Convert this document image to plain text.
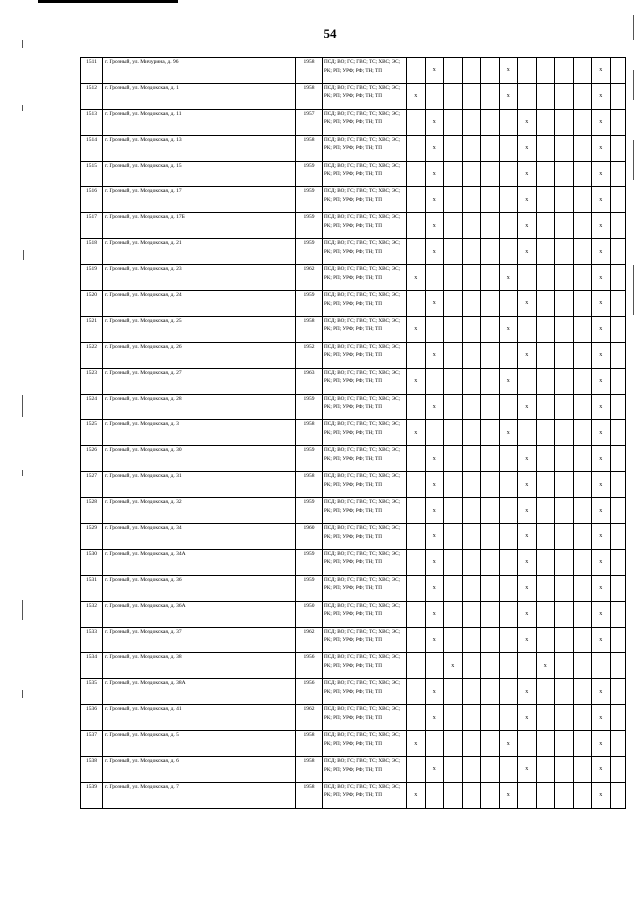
54
1511	г. Грозный, ул. Мичурина, д. 96	1958	ПСД; ВО; ГС; ГВС; ТС; ХВС; ЭС; РК; РП; УРФ; РФ; ТН; ТП		x				x					x	
1512	г. Грозный, ул. Моздокская, д. 1	1958	ПСД; ВО; ГС; ГВС; ТС; ХВС; ЭС; РК; РП; УРФ; РФ; ТН; ТП	x					x					x	
1513	г. Грозный, ул. Моздокская, д. 11	1957	ПСД; ВО; ГС; ГВС; ТС; ХВС; ЭС; РК; РП; УРФ; РФ; ТН; ТП		x					x				x	
1514	г. Грозный, ул. Моздокская, д. 13	1958	ПСД; ВО; ГС; ГВС; ТС; ХВС; ЭС; РК; РП; УРФ; РФ; ТН; ТП		x					x				x	
1515	г. Грозный, ул. Моздокская, д. 15	1959	ПСД; ВО; ГС; ГВС; ТС; ХВС; ЭС; РК; РП; УРФ; РФ; ТН; ТП		x					x				x	
1516	г. Грозный, ул. Моздокская, д. 17	1959	ПСД; ВО; ГС; ГВС; ТС; ХВС; ЭС; РК; РП; УРФ; РФ; ТН; ТП		x					x				x	
1517	г. Грозный, ул. Моздокская, д. 17Б	1959	ПСД; ВО; ГС; ГВС; ТС; ХВС; ЭС; РК; РП; УРФ; РФ; ТН; ТП		x					x				x	
1518	г. Грозный, ул. Моздокская, д. 21	1959	ПСД; ВО; ГС; ГВС; ТС; ХВС; ЭС; РК; РП; УРФ; РФ; ТН; ТП		x					x				x	
1519	г. Грозный, ул. Моздокская, д. 23	1962	ПСД; ВО; ГС; ГВС; ТС; ХВС; ЭС; РК; РП; УРФ; РФ; ТН; ТП	x					x					x	
1520	г. Грозный, ул. Моздокская, д. 24	1959	ПСД; ВО; ГС; ГВС; ТС; ХВС; ЭС; РК; РП; УРФ; РФ; ТН; ТП		x					x				x	
1521	г. Грозный, ул. Моздокская, д. 25	1958	ПСД; ВО; ГС; ГВС; ТС; ХВС; ЭС; РК; РП; УРФ; РФ; ТН; ТП	x					x					x	
1522	г. Грозный, ул. Моздокская, д. 26	1952	ПСД; ВО; ГС; ГВС; ТС; ХВС; ЭС; РК; РП; УРФ; РФ; ТН; ТП		x					x				x	
1523	г. Грозный, ул. Моздокская, д. 27	1963	ПСД; ВО; ГС; ГВС; ТС; ХВС; ЭС; РК; РП; УРФ; РФ; ТН; ТП	x					x					x	
1524	г. Грозный, ул. Моздокская, д. 28	1959	ПСД; ВО; ГС; ГВС; ТС; ХВС; ЭС; РК; РП; УРФ; РФ; ТН; ТП		x					x				x	
1525	г. Грозный, ул. Моздокская, д. 3	1958	ПСД; ВО; ГС; ГВС; ТС; ХВС; ЭС; РК; РП; УРФ; РФ; ТН; ТП	x					x					x	
1526	г. Грозный, ул. Моздокская, д. 30	1959	ПСД; ВО; ГС; ГВС; ТС; ХВС; ЭС; РК; РП; УРФ; РФ; ТН; ТП		x					x				x	
1527	г. Грозный, ул. Моздокская, д. 31	1958	ПСД; ВО; ГС; ГВС; ТС; ХВС; ЭС; РК; РП; УРФ; РФ; ТН; ТП		x					x				x	
1528	г. Грозный, ул. Моздокская, д. 32	1959	ПСД; ВО; ГС; ГВС; ТС; ХВС; ЭС; РК; РП; УРФ; РФ; ТН; ТП		x					x				x	
1529	г. Грозный, ул. Моздокская, д. 34	1960	ПСД; ВО; ГС; ГВС; ТС; ХВС; ЭС; РК; РП; УРФ; РФ; ТН; ТП		x					x				x	
1530	г. Грозный, ул. Моздокская, д. 34А	1959	ПСД; ВО; ГС; ГВС; ТС; ХВС; ЭС; РК; РП; УРФ; РФ; ТН; ТП		x					x				x	
1531	г. Грозный, ул. Моздокская, д. 36	1959	ПСД; ВО; ГС; ГВС; ТС; ХВС; ЭС; РК; РП; УРФ; РФ; ТН; ТП		x					x				x	
1532	г. Грозный, ул. Моздокская, д. 36А	1950	ПСД; ВО; ГС; ГВС; ТС; ХВС; ЭС; РК; РП; УРФ; РФ; ТН; ТП		x					x				x	
1533	г. Грозный, ул. Моздокская, д. 37	1962	ПСД; ВО; ГС; ГВС; ТС; ХВС; ЭС; РК; РП; УРФ; РФ; ТН; ТП		x					x				x	
1534	г. Грозный, ул. Моздокская, д. 38	1956	ПСД; ВО; ГС; ГВС; ТС; ХВС; ЭС; РК; РП; УРФ; РФ; ТН; ТП			x					x				
1535	г. Грозный, ул. Моздокская, д. 38А	1956	ПСД; ВО; ГС; ГВС; ТС; ХВС; ЭС; РК; РП; УРФ; РФ; ТН; ТП		x					x				x	
1536	г. Грозный, ул. Моздокская, д. 41	1962	ПСД; ВО; ГС; ГВС; ТС; ХВС; ЭС; РК; РП; УРФ; РФ; ТН; ТП		x					x				x	
1537	г. Грозный, ул. Моздокская, д. 5	1958	ПСД; ВО; ГС; ГВС; ТС; ХВС; ЭС; РК; РП; УРФ; РФ; ТН; ТП	x					x					x	
1538	г. Грозный, ул. Моздокская, д. 6	1958	ПСД; ВО; ГС; ГВС; ТС; ХВС; ЭС; РК; РП; УРФ; РФ; ТН; ТП		x					x				x	
1539	г. Грозный, ул. Моздокская, д. 7	1958	ПСД; ВО; ГС; ГВС; ТС; ХВС; ЭС; РК; РП; УРФ; РФ; ТН; ТП	x					x					x	
